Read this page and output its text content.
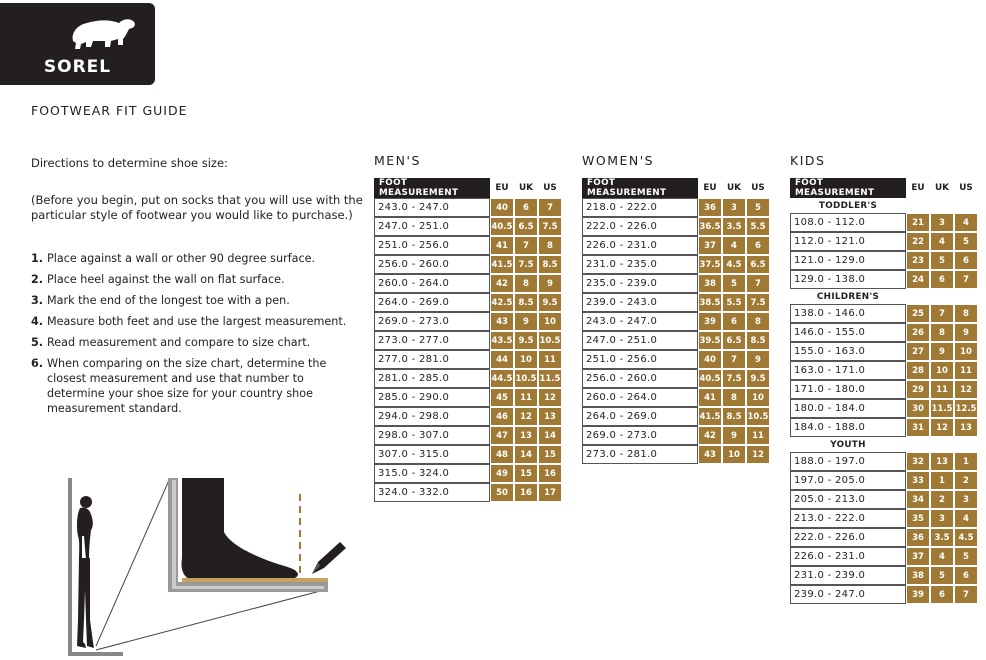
SOREL
FOOTWEAR FIT GUIDE
Directions to determine shoe size:
(Before you begin, put on socks that you will use with the particular style of footwear you would like to purchase.)
1. Place against a wall or other 90 degree surface.
2. Place heel against the wall on flat surface.
3. Mark the end of the longest toe with a pen.
4. Measure both feet and use the largest measurement.
5. Read measurement and compare to size chart.
6. When comparing on the size chart, determine the closest measurement and use that number to determine your shoe size for your country shoe measurement standard.
MEN'S
FOOT MEASUREMENT	EU	UK	US
243.0 - 247.0	40	6	7
247.0 - 251.0	40.5	6.5	7.5
251.0 - 256.0	41	7	8
256.0 - 260.0	41.5	7.5	8.5
260.0 - 264.0	42	8	9
264.0 - 269.0	42.5	8.5	9.5
269.0 - 273.0	43	9	10
273.0 - 277.0	43.5	9.5	10.5
277.0 - 281.0	44	10	11
281.0 - 285.0	44.5	10.5	11.5
285.0 - 290.0	45	11	12
294.0 - 298.0	46	12	13
298.0 - 307.0	47	13	14
307.0 - 315.0	48	14	15
315.0 - 324.0	49	15	16
324.0 - 332.0	50	16	17
WOMEN'S
FOOT MEASUREMENT	EU	UK	US
218.0 - 222.0	36	3	5
222.0 - 226.0	36.5	3.5	5.5
226.0 - 231.0	37	4	6
231.0 - 235.0	37.5	4.5	6.5
235.0 - 239.0	38	5	7
239.0 - 243.0	38.5	5.5	7.5
243.0 - 247.0	39	6	8
247.0 - 251.0	39.5	6.5	8.5
251.0 - 256.0	40	7	9
256.0 - 260.0	40.5	7.5	9.5
260.0 - 264.0	41	8	10
264.0 - 269.0	41.5	8.5	10.5
269.0 - 273.0	42	9	11
273.0 - 281.0	43	10	12
KIDS
FOOT MEASUREMENT	EU	UK	US
TODDLER'S			
108.0 - 112.0	21	3	4
112.0 - 121.0	22	4	5
121.0 - 129.0	23	5	6
129.0 - 138.0	24	6	7
CHILDREN'S			
138.0 - 146.0	25	7	8
146.0 - 155.0	26	8	9
155.0 - 163.0	27	9	10
163.0 - 171.0	28	10	11
171.0 - 180.0	29	11	12
180.0 - 184.0	30	11.5	12.5
184.0 - 188.0	31	12	13
YOUTH			
188.0 - 197.0	32	13	1
197.0 - 205.0	33	1	2
205.0 - 213.0	34	2	3
213.0 - 222.0	35	3	4
222.0 - 226.0	36	3.5	4.5
226.0 - 231.0	37	4	5
231.0 - 239.0	38	5	6
239.0 - 247.0	39	6	7
